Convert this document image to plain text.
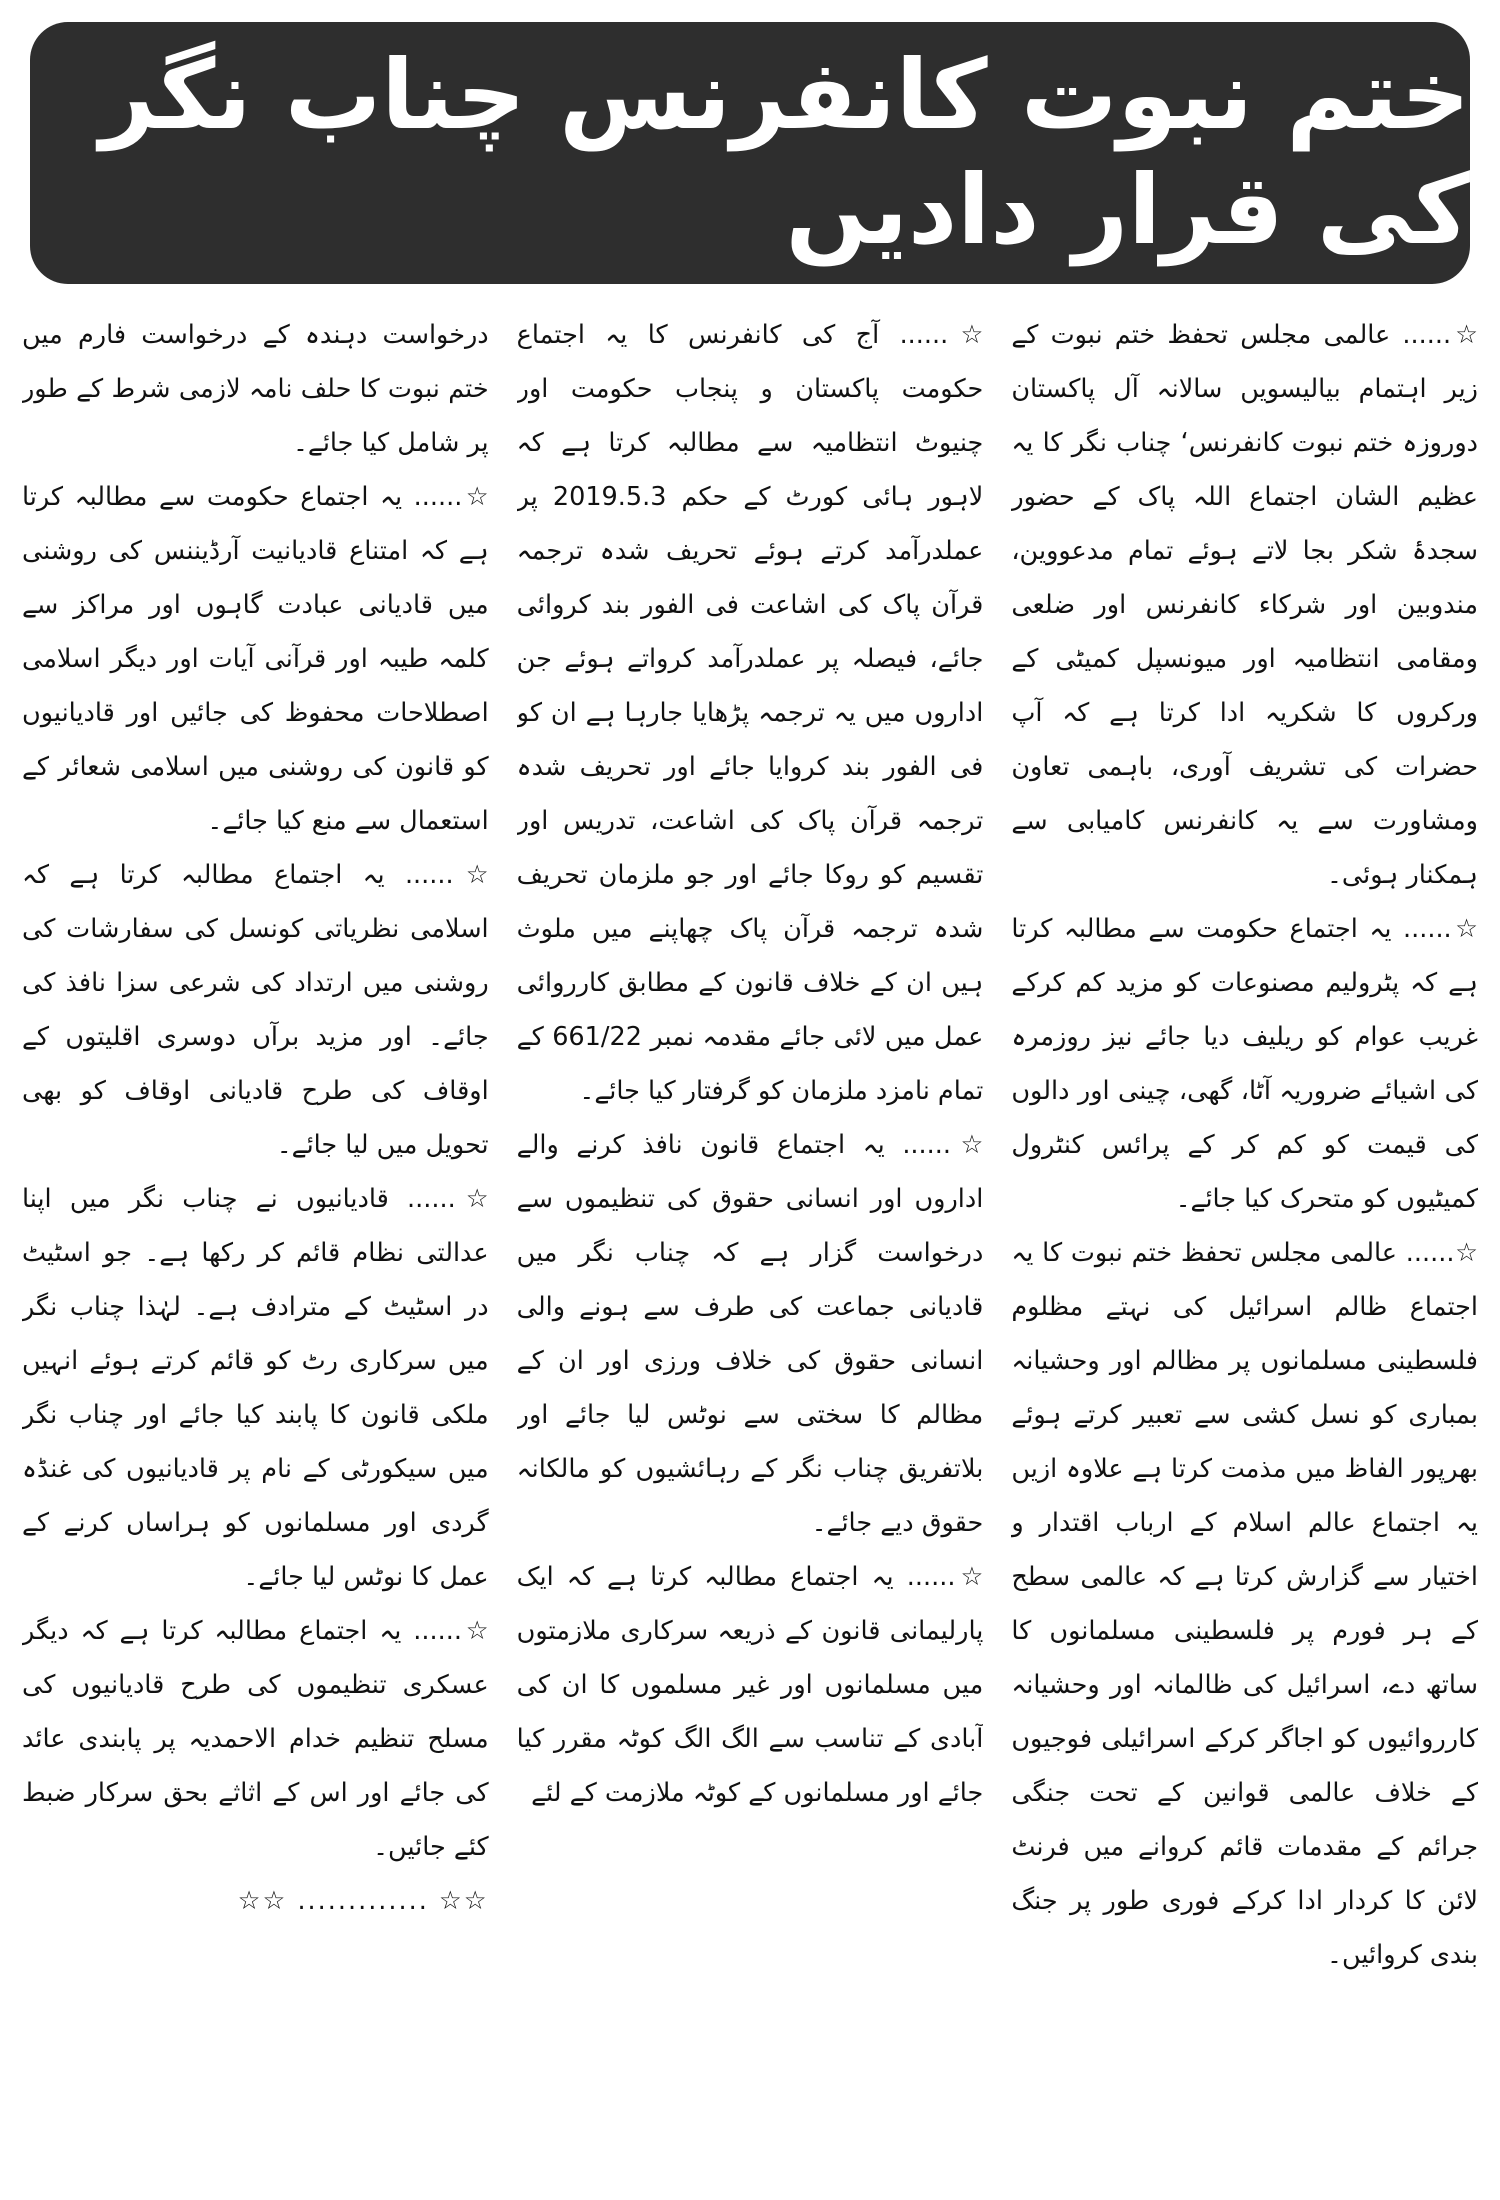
ختم نبوت کانفرنس چناب نگر کی قرار دادیں

☆...... عالمی مجلس تحفظ ختم نبوت کے زیر اہتمام بیالیسویں سالانہ آل پاکستان دوروزہ ختم نبوت کانفرنس‘ چناب نگر کا یہ عظیم الشان اجتماع اللہ پاک کے حضور سجدۂ شکر بجا لاتے ہوئے تمام مدعووین، مندوبین اور شرکاء کانفرنس اور ضلعی ومقامی انتظامیہ اور میونسپل کمیٹی کے ورکروں کا شکریہ ادا کرتا ہے کہ آپ حضرات کی تشریف آوری، باہمی تعاون ومشاورت سے یہ کانفرنس کامیابی سے ہمکنار ہوئی۔

☆...... یہ اجتماع حکومت سے مطالبہ کرتا ہے کہ پٹرولیم مصنوعات کو مزید کم کرکے غریب عوام کو ریلیف دیا جائے نیز روزمرہ کی اشیائے ضروریہ آٹا، گھی، چینی اور دالوں کی قیمت کو کم کر کے پرائس کنٹرول کمیٹیوں کو متحرک کیا جائے۔

☆...... عالمی مجلس تحفظ ختم نبوت کا یہ اجتماع ظالم اسرائیل کی نہتے مظلوم فلسطینی مسلمانوں پر مظالم اور وحشیانہ بمباری کو نسل کشی سے تعبیر کرتے ہوئے بھرپور الفاظ میں مذمت کرتا ہے علاوہ ازیں یہ اجتماع عالم اسلام کے ارباب اقتدار و اختیار سے گزارش کرتا ہے کہ عالمی سطح کے ہر فورم پر فلسطینی مسلمانوں کا ساتھ دے، اسرائیل کی ظالمانہ اور وحشیانہ کارروائیوں کو اجاگر کرکے اسرائیلی فوجیوں کے خلاف عالمی قوانین کے تحت جنگی جرائم کے مقدمات قائم کروانے میں فرنٹ لائن کا کردار ادا کرکے فوری طور پر جنگ بندی کروائیں۔

☆...... آج کی کانفرنس کا یہ اجتماع حکومت پاکستان و پنجاب حکومت اور چنیوٹ انتظامیہ سے مطالبہ کرتا ہے کہ لاہور ہائی کورٹ کے حکم 2019.5.3 پر عملدرآمد کرتے ہوئے تحریف شدہ ترجمہ قرآن پاک کی اشاعت فی الفور بند کروائی جائے، فیصلہ پر عملدرآمد کرواتے ہوئے جن اداروں میں یہ ترجمہ پڑھایا جارہا ہے ان کو فی الفور بند کروایا جائے اور تحریف شدہ ترجمہ قرآن پاک کی اشاعت، تدریس اور تقسیم کو روکا جائے اور جو ملزمان تحریف شدہ ترجمہ قرآن پاک چھاپنے میں ملوث ہیں ان کے خلاف قانون کے مطابق کارروائی عمل میں لائی جائے مقدمہ نمبر 661/22 کے تمام نامزد ملزمان کو گرفتار کیا جائے۔

☆...... یہ اجتماع قانون نافذ کرنے والے اداروں اور انسانی حقوق کی تنظیموں سے درخواست گزار ہے کہ چناب نگر میں قادیانی جماعت کی طرف سے ہونے والی انسانی حقوق کی خلاف ورزی اور ان کے مظالم کا سختی سے نوٹس لیا جائے اور بلاتفریق چناب نگر کے رہائشیوں کو مالکانہ حقوق دیے جائے۔

☆...... یہ اجتماع مطالبہ کرتا ہے کہ ایک پارلیمانی قانون کے ذریعہ سرکاری ملازمتوں میں مسلمانوں اور غیر مسلموں کا ان کی آبادی کے تناسب سے الگ الگ کوٹہ مقرر کیا جائے اور مسلمانوں کے کوٹہ ملازمت کے لئے

درخواست دہندہ کے درخواست فارم میں ختم نبوت کا حلف نامہ لازمی شرط کے طور پر شامل کیا جائے۔

☆...... یہ اجتماع حکومت سے مطالبہ کرتا ہے کہ امتناع قادیانیت آرڈیننس کی روشنی میں قادیانی عبادت گاہوں اور مراکز سے کلمہ طیبہ اور قرآنی آیات اور دیگر اسلامی اصطلاحات محفوظ کی جائیں اور قادیانیوں کو قانون کی روشنی میں اسلامی شعائر کے استعمال سے منع کیا جائے۔

☆...... یہ اجتماع مطالبہ کرتا ہے کہ اسلامی نظریاتی کونسل کی سفارشات کی روشنی میں ارتداد کی شرعی سزا نافذ کی جائے۔ اور مزید برآں دوسری اقلیتوں کے اوقاف کی طرح قادیانی اوقاف کو بھی تحویل میں لیا جائے۔

☆...... قادیانیوں نے چناب نگر میں اپنا عدالتی نظام قائم کر رکھا ہے۔ جو اسٹیٹ در اسٹیٹ کے مترادف ہے۔ لہٰذا چناب نگر میں سرکاری رٹ کو قائم کرتے ہوئے انہیں ملکی قانون کا پابند کیا جائے اور چناب نگر میں سیکورٹی کے نام پر قادیانیوں کی غنڈہ گردی اور مسلمانوں کو ہراساں کرنے کے عمل کا نوٹس لیا جائے۔

☆...... یہ اجتماع مطالبہ کرتا ہے کہ دیگر عسکری تنظیموں کی طرح قادیانیوں کی مسلح تنظیم خدام الاحمدیہ پر پابندی عائد کی جائے اور اس کے اثاثے بحق سرکار ضبط کئے جائیں۔

☆☆ ............. ☆☆
